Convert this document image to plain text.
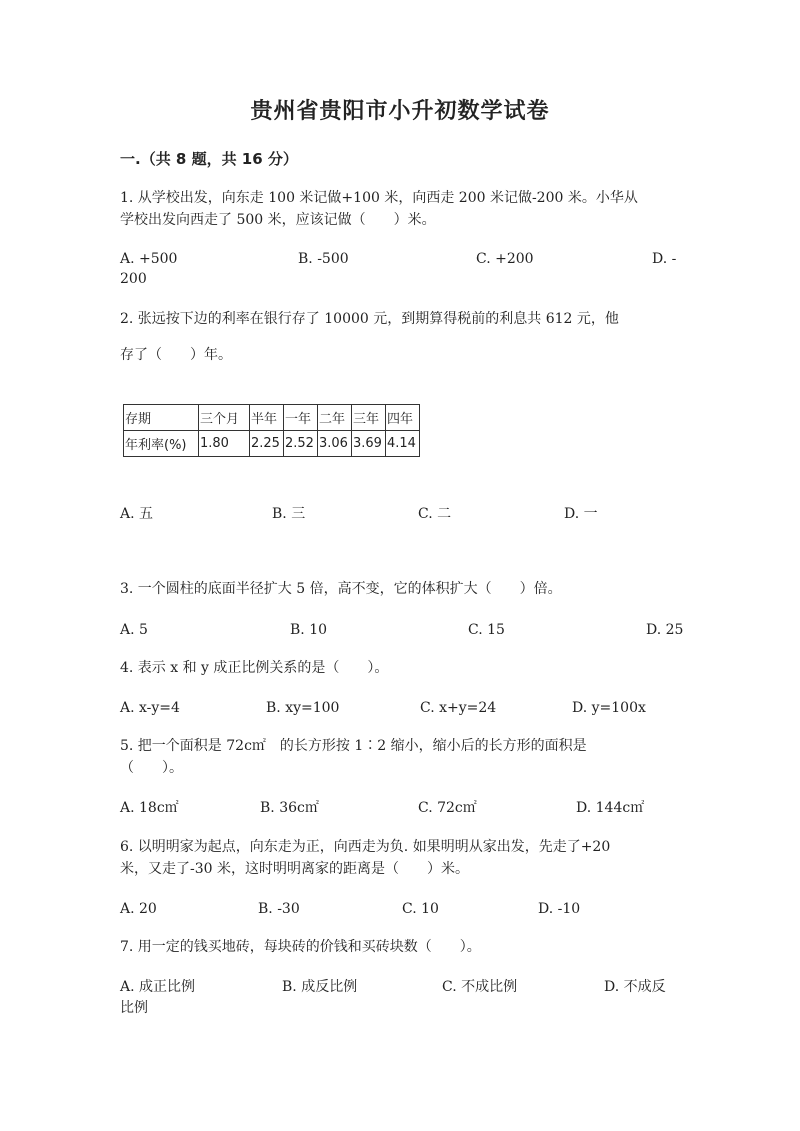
贵州省贵阳市小升初数学试卷
一.（共 8 题，共 16 分）
1. 从学校出发，向东走 100 米记做+100 米，向西走 200 米记做-200 米。小华从
学校出发向西走了 500 米，应该记做（　　）米。
A. +500	B. -500	C. +200	D. -
200
2. 张远按下边的利率在银行存了 10000 元，到期算得税前的利息共 612 元，他
存了（　　）年。
存期	三个月	半年	一年	二年	三年	四年
年利率(%)	1.80	2.25	2.52	3.06	3.69	4.14
A. 五	B. 三	C. 二	D. 一
3. 一个圆柱的底面半径扩大 5 倍，高不变，它的体积扩大（　　）倍。
A. 5	B. 10	C. 15	D. 25
4. 表示 x 和 y 成正比例关系的是（　　）。
A. x-y=4	B. xy=100	C. x+y=24	D. y=100x
5. 把一个面积是 72c㎡　的长方形按 1∶2 缩小，缩小后的长方形的面积是
（　　）。
A. 18c㎡	B. 36c㎡	C. 72c㎡	D. 144c㎡
6. 以明明家为起点，向东走为正，向西走为负. 如果明明从家出发，先走了+20
米，又走了-30 米，这时明明离家的距离是（　　）米。
A. 20	B. -30	C. 10	D. -10
7. 用一定的钱买地砖，每块砖的价钱和买砖块数（　　）。
A. 成正比例	B. 成反比例	C. 不成比例	D. 不成反
比例
